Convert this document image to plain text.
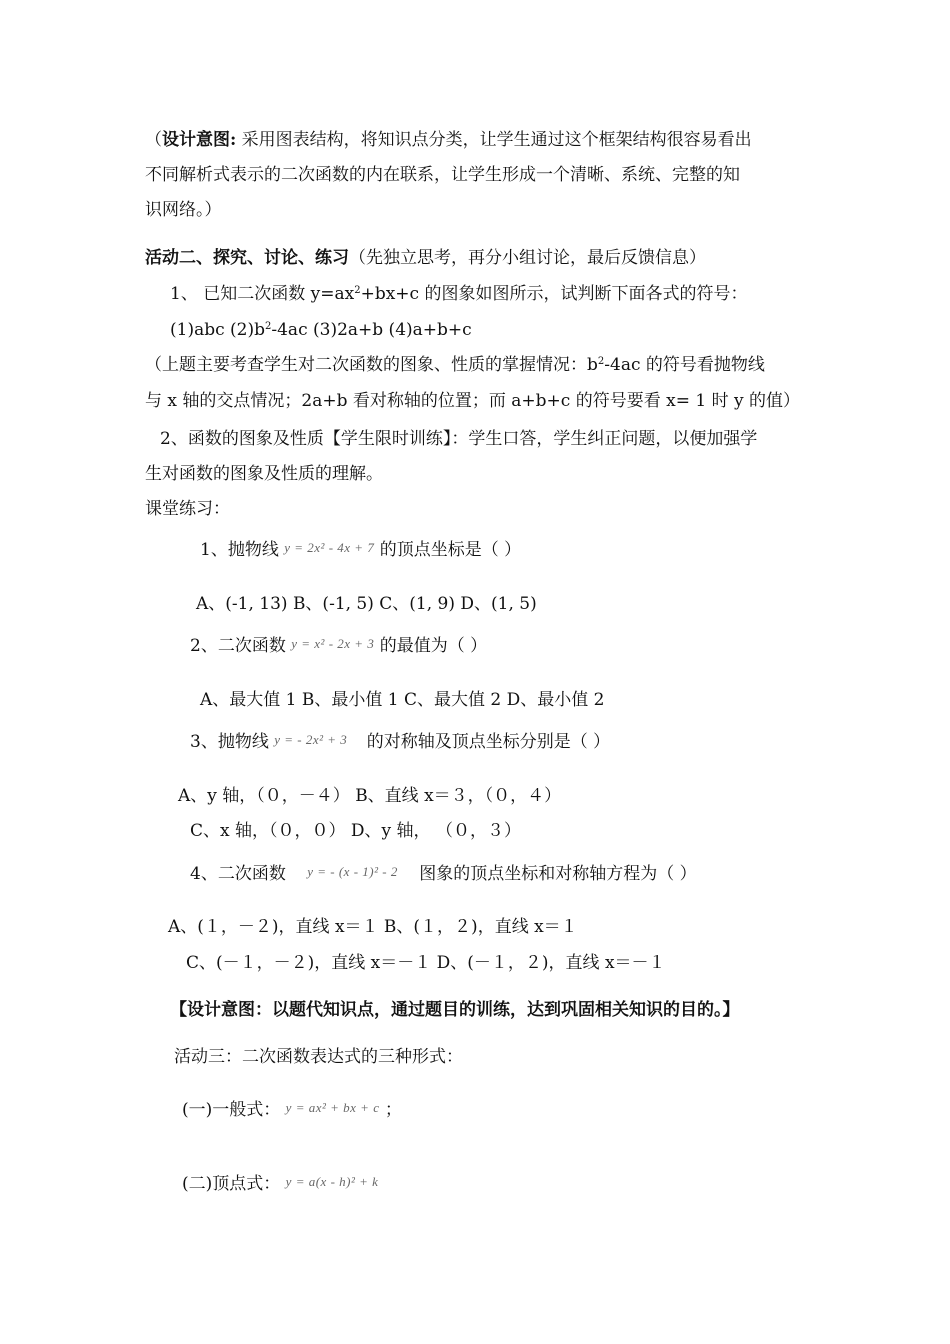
（设计意图: 采用图表结构，将知识点分类，让学生通过这个框架结构很容易看出
不同解析式表示的二次函数的内在联系，让学生形成一个清晰、系统、完整的知
识网络。）
活动二、探究、讨论、练习（先独立思考，再分小组讨论，最后反馈信息）
1、 已知二次函数 $y=ax^2+bx+c$ 的图象如图所示，试判断下面各式的符号：
(1)abc $(2)b^2-4ac$ (3)2a+b (4)a+b+c
（上题主要考查学生对二次函数的图象、性质的掌握情况：$b^2-4ac$ 的符号看抛物线
与 x 轴的交点情况；2a+b 看对称轴的位置；而 a+b+c 的符号要看 x= 1 时 y 的值）
2、函数的图象及性质【学生限时训练】：学生口答，学生纠正问题，以便加强学
生对函数的图象及性质的理解。
课堂练习：
1、抛物线 y = 2x² - 4x + 7 的顶点坐标是（ ）
A、(-1, 13) B、(-1, 5) C、(1, 9) D、(1, 5)
2、二次函数 y = x² - 2x + 3 的最值为（ ）
A、最大值 1 B、最小值 1 C、最大值 2 D、最小值 2
3、抛物线 y = - 2x² + 3 的对称轴及顶点坐标分别是（ ）
A、y 轴，（０，－４） B、直线 x＝３，（０，４）
C、x 轴，（０，０） D、y 轴， （０，３）
4、二次函数 y = - (x - 1)² - 2 图象的顶点坐标和对称轴方程为（ ）
A、(１，－２)，直线 x＝１ B、(１，２)，直线 x＝１
C、(－１，－２)，直线 x＝－１ D、(－１，２)，直线 x＝－１
【设计意图：以题代知识点，通过题目的训练，达到巩固相关知识的目的。】
活动三：二次函数表达式的三种形式：
(一)一般式： y = ax² + bx + c ；
(二)顶点式： y = a(x - h)² + k
